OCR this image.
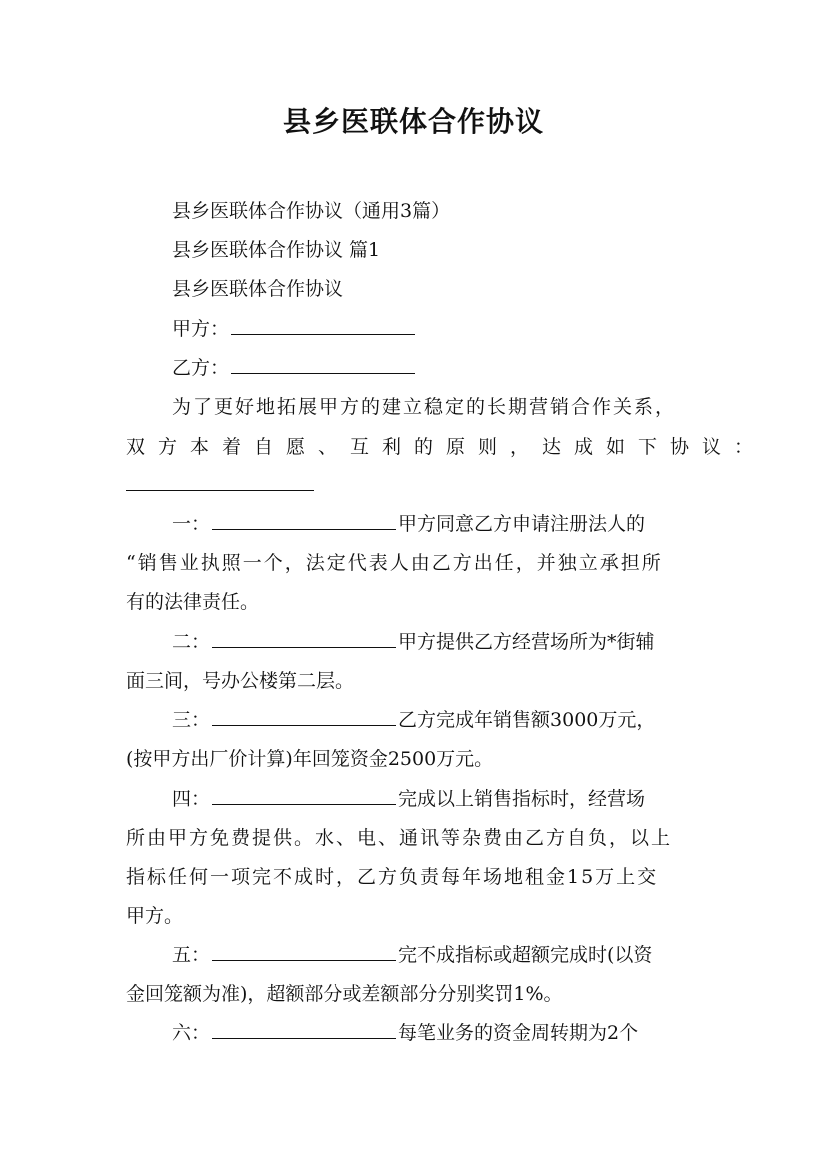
县乡医联体合作协议
县乡医联体合作协议（通用3篇）
县乡医联体合作协议 篇1
县乡医联体合作协议
甲方：
乙方：
为了更好地拓展甲方的建立稳定的长期营销合作关系，
双方本着自愿、互利的原则，达成如下协议：
一：	甲方同意乙方申请注册法人的
“销售业执照一个，法定代表人由乙方出任，并独立承担所
有的法律责任。
二：	甲方提供乙方经营场所为*街辅
面三间，号办公楼第二层。
三：	乙方完成年销售额3000万元，
(按甲方出厂价计算)年回笼资金2500万元。
四：	完成以上销售指标时，经营场
所由甲方免费提供。水、电、通讯等杂费由乙方自负，以上
指标任何一项完不成时，乙方负责每年场地租金15万上交
甲方。
五：	完不成指标或超额完成时(以资
金回笼额为准)，超额部分或差额部分分别奖罚1%。
六：	每笔业务的资金周转期为2个
